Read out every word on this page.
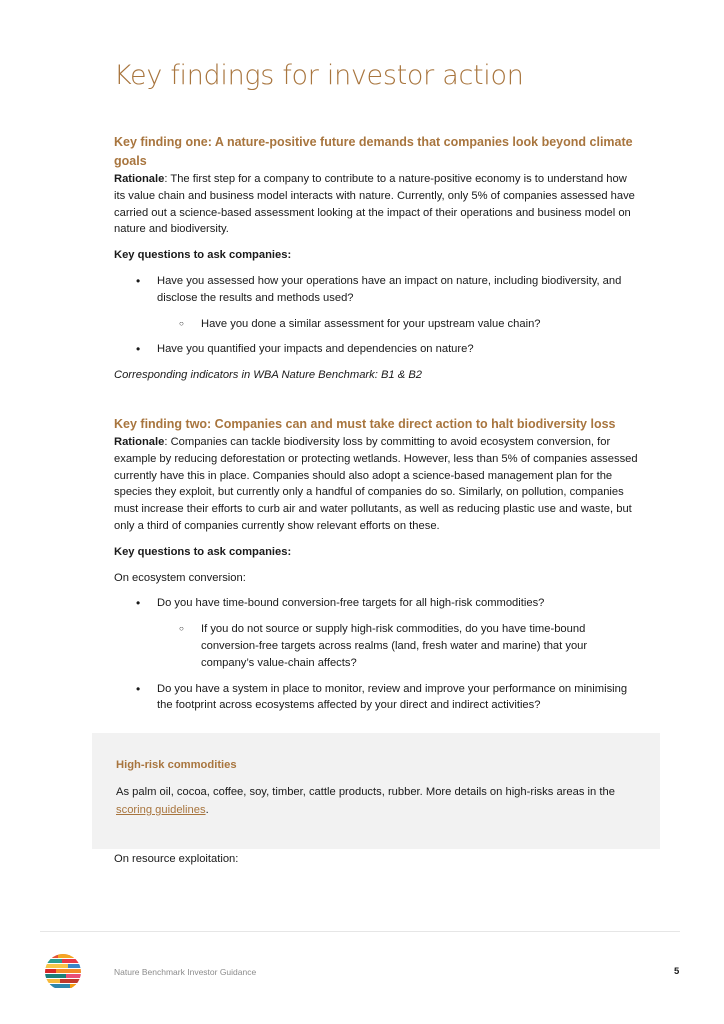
Key findings for investor action
Key finding one: A nature-positive future demands that companies look beyond climate goals

Rationale: The first step for a company to contribute to a nature-positive economy is to understand how its value chain and business model interacts with nature. Currently, only 5% of companies assessed have carried out a science-based assessment looking at the impact of their operations and business model on nature and biodiversity.

Key questions to ask companies:

• Have you assessed how your operations have an impact on nature, including biodiversity, and disclose the results and methods used?
○ Have you done a similar assessment for your upstream value chain?
• Have you quantified your impacts and dependencies on nature?

Corresponding indicators in WBA Nature Benchmark: B1 & B2

Key finding two: Companies can and must take direct action to halt biodiversity loss

Rationale: Companies can tackle biodiversity loss by committing to avoid ecosystem conversion, for example by reducing deforestation or protecting wetlands. However, less than 5% of companies assessed currently have this in place. Companies should also adopt a science-based management plan for the species they exploit, but currently only a handful of companies do so. Similarly, on pollution, companies must increase their efforts to curb air and water pollutants, as well as reducing plastic use and waste, but only a third of companies currently show relevant efforts on these.

Key questions to ask companies:

On ecosystem conversion:

• Do you have time-bound conversion-free targets for all high-risk commodities?
○ If you do not source or supply high-risk commodities, do you have time-bound conversion-free targets across realms (land, fresh water and marine) that your company’s value-chain affects?
• Do you have a system in place to monitor, review and improve your performance on minimising the footprint across ecosystems affected by your direct and indirect activities?

High-risk commodities

As palm oil, cocoa, coffee, soy, timber, cattle products, rubber. More details on high-risks areas in the scoring guidelines.

On resource exploitation:

Nature Benchmark Investor Guidance	5
